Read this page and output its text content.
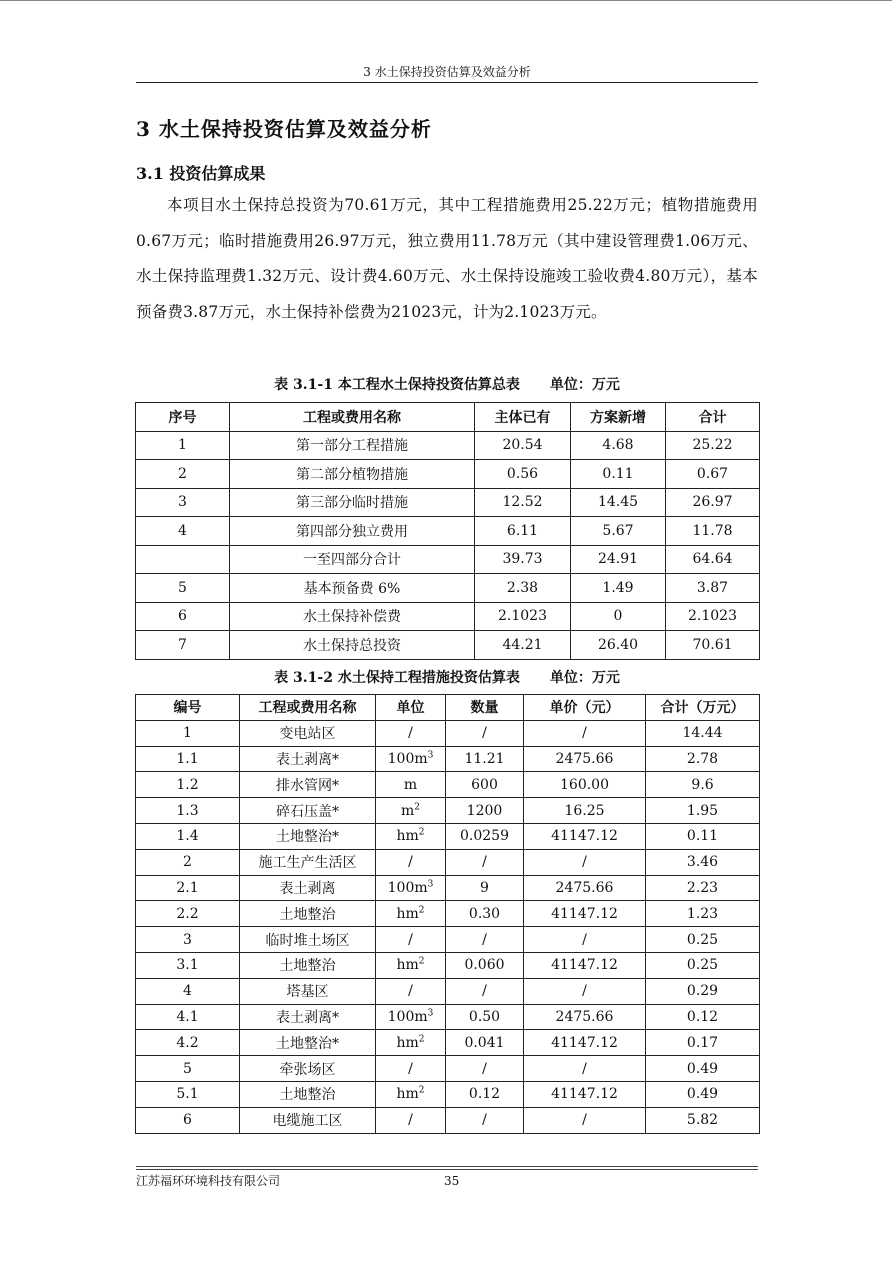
3 水土保持投资估算及效益分析
3 水土保持投资估算及效益分析
3.1 投资估算成果

本项目水土保持总投资为70.61万元，其中工程措施费用25.22万元；植物措施费用0.67万元；临时措施费用26.97万元，独立费用11.78万元（其中建设管理费1.06万元、水土保持监理费1.32万元、设计费4.60万元、水土保持设施竣工验收费4.80万元），基本预备费3.87万元，水土保持补偿费为21023元，计为2.1023万元。

表 3.1-1 本工程水土保持投资估算总表 单位：万元
序号	工程或费用名称	主体已有	方案新增	合计
1	第一部分工程措施	20.54	4.68	25.22
2	第二部分植物措施	0.56	0.11	0.67
3	第三部分临时措施	12.52	14.45	26.97
4	第四部分独立费用	6.11	5.67	11.78
	一至四部分合计	39.73	24.91	64.64
5	基本预备费 6%	2.38	1.49	3.87
6	水土保持补偿费	2.1023	0	2.1023
7	水土保持总投资	44.21	26.40	70.61
表 3.1-2 水土保持工程措施投资估算表 单位：万元
编号	工程或费用名称	单位	数量	单价（元）	合计（万元）
1	变电站区	/	/	/	14.44
1.1	表土剥离*	$100m^3$	11.21	2475.66	2.78
1.2	排水管网*	m	600	160.00	9.6
1.3	碎石压盖*	$m^2$	1200	16.25	1.95
1.4	土地整治*	$hm^2$	0.0259	41147.12	0.11
2	施工生产生活区	/	/	/	3.46
2.1	表土剥离	$100m^3$	9	2475.66	2.23
2.2	土地整治	$hm^2$	0.30	41147.12	1.23
3	临时堆土场区	/	/	/	0.25
3.1	土地整治	$hm^2$	0.060	41147.12	0.25
4	塔基区	/	/	/	0.29
4.1	表土剥离*	$100m^3$	0.50	2475.66	0.12
4.2	土地整治*	$hm^2$	0.041	41147.12	0.17
5	牵张场区	/	/	/	0.49
5.1	土地整治	$hm^2$	0.12	41147.12	0.49
6	电缆施工区	/	/	/	5.82
江苏福环环境科技有限公司	35
